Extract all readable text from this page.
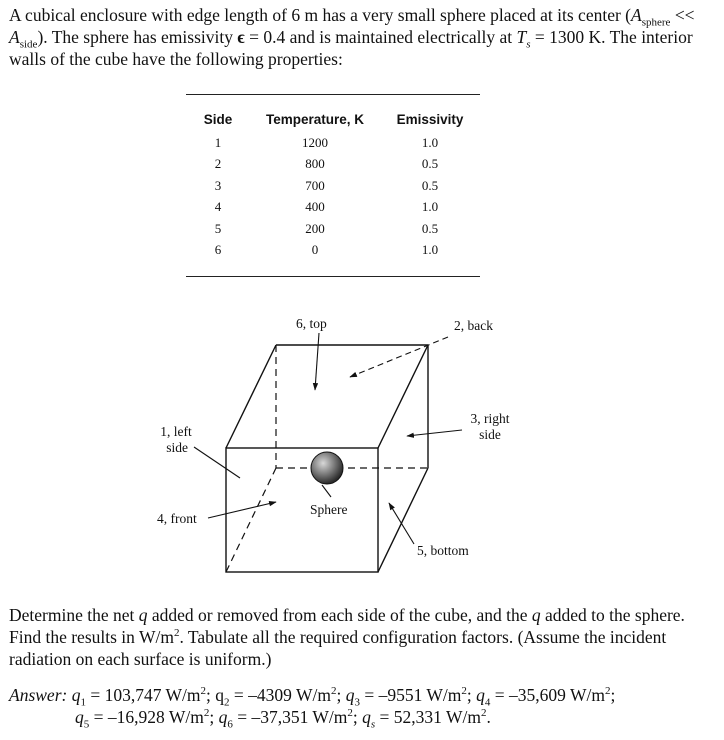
A cubical enclosure with edge length of 6 m has a very small sphere placed at its center $(A_{sphere} << A_{side})$. The sphere has emissivity ϵ = 0.4 and is maintained electrically at $T_s = 1300$ K. The interior walls of the cube have the following properties:
Side	Temperature, K	Emissivity
1	1200	1.0
2	800	0.5
3	700	0.5
4	400	1.0
5	200	0.5
6	0	1.0
6, top	2, back
3, right
side
1, left
side
4, front
Sphere
5, bottom
Determine the net q added or removed from each side of the cube, and the q added to the sphere. Find the results in $W/m^2$. Tabulate all the required configuration factors. (Assume the incident radiation on each surface is uniform.)
Answer: $q_1 = 103,747$ $W/m^2$; $q_2 = -4309$ $W/m^2$; $q_3 = -9551$ $W/m^2$; $q_4 = -35,609$ $W/m^2$;
$q_5 = -16,928$ $W/m^2$; $q_6 = -37,351$ $W/m^2$; $q_s = 52,331$ $W/m^2$.
